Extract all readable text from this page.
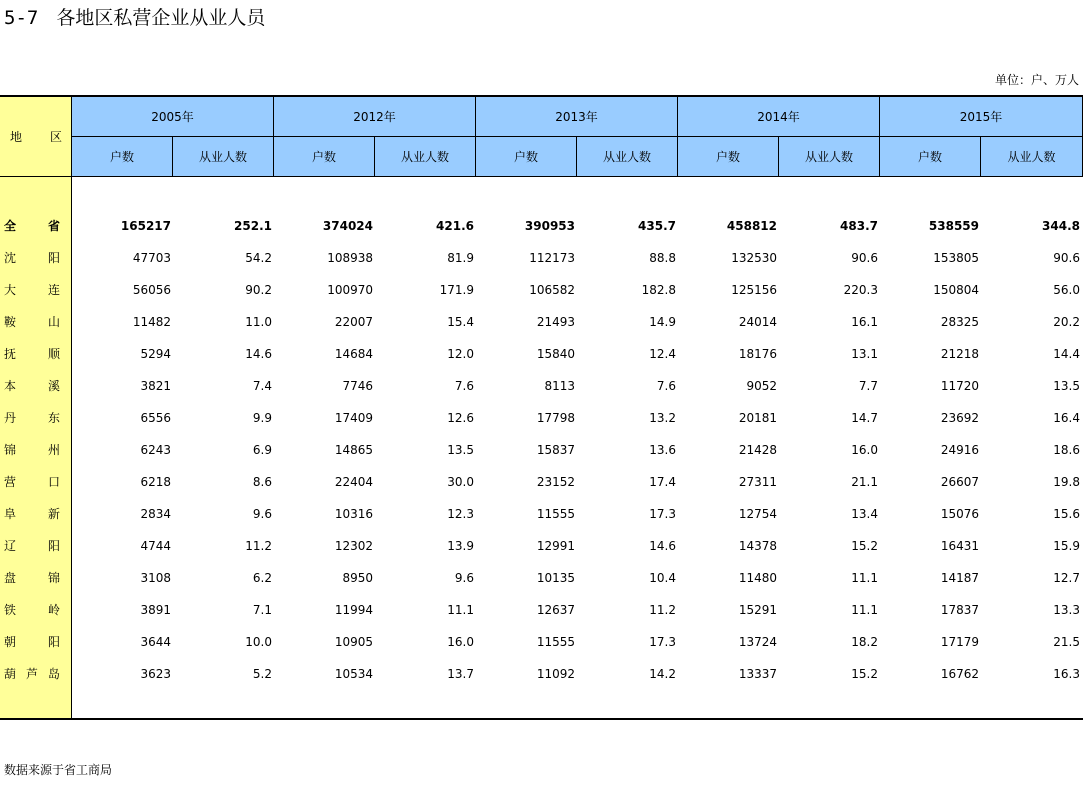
5-7 各地区私营企业从业人员
单位：户、万人
地区
2005年
户数	从业人数
2012年
户数	从业人数
2013年
户数	从业人数
2014年
户数	从业人数
2015年
户数	从业人数
全	省	165217	252.1	374024	421.6	390953	435.7	458812	483.7	538559	344.8
沈	阳	47703	54.2	108938	81.9	112173	88.8	132530	90.6	153805	90.6
大	连	56056	90.2	100970	171.9	106582	182.8	125156	220.3	150804	56.0
鞍	山	11482	11.0	22007	15.4	21493	14.9	24014	16.1	28325	20.2
抚	顺	5294	14.6	14684	12.0	15840	12.4	18176	13.1	21218	14.4
本	溪	3821	7.4	7746	7.6	8113	7.6	9052	7.7	11720	13.5
丹	东	6556	9.9	17409	12.6	17798	13.2	20181	14.7	23692	16.4
锦	州	6243	6.9	14865	13.5	15837	13.6	21428	16.0	24916	18.6
营	口	6218	8.6	22404	30.0	23152	17.4	27311	21.1	26607	19.8
阜	新	2834	9.6	10316	12.3	11555	17.3	12754	13.4	15076	15.6
辽	阳	4744	11.2	12302	13.9	12991	14.6	14378	15.2	16431	15.9
盘	锦	3108	6.2	8950	9.6	10135	10.4	11480	11.1	14187	12.7
铁	岭	3891	7.1	11994	11.1	12637	11.2	15291	11.1	17837	13.3
朝	阳	3644	10.0	10905	16.0	11555	17.3	13724	18.2	17179	21.5
葫 芦 岛	3623	5.2	10534	13.7	11092	14.2	13337	15.2	16762	16.3
数据来源于省工商局
